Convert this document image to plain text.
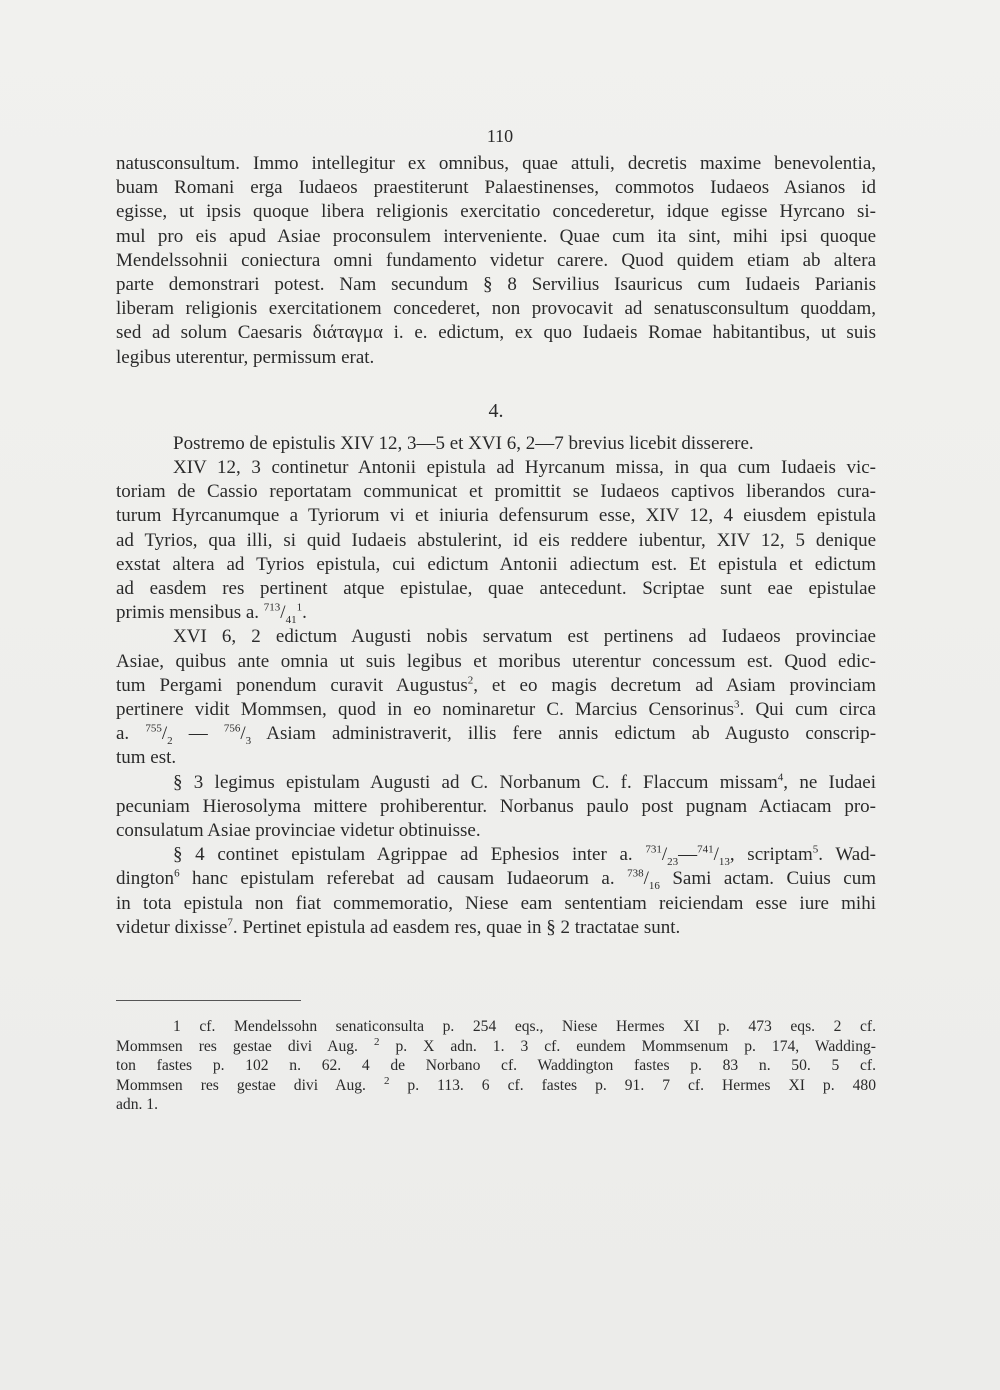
110
natusconsultum. Immo intellegitur ex omnibus, quae attuli, decretis maxime benevolentia,
buam Romani erga Iudaeos praestiterunt Palaestinenses, commotos Iudaeos Asianos id
egisse, ut ipsis quoque libera religionis exercitatio concederetur, idque egisse Hyrcano si-
mul pro eis apud Asiae proconsulem interveniente. Quae cum ita sint, mihi ipsi quoque
Mendelssohnii coniectura omni fundamento videtur carere. Quod quidem etiam ab altera
parte demonstrari potest. Nam secundum § 8 Servilius Isauricus cum Iudaeis Parianis
liberam religionis exercitationem concederet, non provocavit ad senatusconsultum quoddam,
sed ad solum Caesaris διάταγμα i. e. edictum, ex quo Iudaeis Romae habitantibus, ut suis
legibus uterentur, permissum erat.
4.
Postremo de epistulis XIV 12, 3—5 et XVI 6, 2—7 brevius licebit disserere.
XIV 12, 3 continetur Antonii epistula ad Hyrcanum missa, in qua cum Iudaeis vic-
toriam de Cassio reportatam communicat et promittit se Iudaeos captivos liberandos cura-
turum Hyrcanumque a Tyriorum vi et iniuria defensurum esse, XIV 12, 4 eiusdem epistula
ad Tyrios, qua illi, si quid Iudaeis abstulerint, id eis reddere iubentur, XIV 12, 5 denique
exstat altera ad Tyrios epistula, cui edictum Antonii adiectum est. Et epistula et edictum
ad easdem res pertinent atque epistulae, quae antecedunt. Scriptae sunt eae epistulae
primis mensibus a. $^{713}/_{41}^1$.
XVI 6, 2 edictum Augusti nobis servatum est pertinens ad Iudaeos provinciae
Asiae, quibus ante omnia ut suis legibus et moribus uterentur concessum est. Quod edic-
tum Pergami ponendum curavit Augustus$^2$, et eo magis decretum ad Asiam provinciam
pertinere vidit Mommsen, quod in eo nominaretur C. Marcius Censorinus$^3$. Qui cum circa
a. $^{755}/_2$ — $^{756}/_3$ Asiam administraverit, illis fere annis edictum ab Augusto conscrip-
tum est.
§ 3 legimus epistulam Augusti ad C. Norbanum C. f. Flaccum missam$^4$, ne Iudaei
pecuniam Hierosolyma mittere prohiberentur. Norbanus paulo post pugnam Actiacam pro-
consulatum Asiae provinciae videtur obtinuisse.
§ 4 continet epistulam Agrippae ad Ephesios inter a. $^{731}/_{23}—^{741}/_{13}$, scriptam$^5$. Wad-
dington$^6$ hanc epistulam referebat ad causam Iudaeorum a. $^{738}/_{16}$ Sami actam. Cuius cum
in tota epistula non fiat commemoratio, Niese eam sententiam reiciendam esse iure mihi
videtur dixisse$^7$. Pertinet epistula ad easdem res, quae in § 2 tractatae sunt.
1 cf. Mendelssohn senaticonsulta p. 254 eqs., Niese Hermes XI p. 473 eqs. 2 cf.
Mommsen res gestae divi Aug. $^2$ p. X adn. 1. 3 cf. eundem Mommsenum p. 174, Wadding-
ton fastes p. 102 n. 62. 4 de Norbano cf. Waddington fastes p. 83 n. 50. 5 cf.
Mommsen res gestae divi Aug. $^2$ p. 113. 6 cf. fastes p. 91. 7 cf. Hermes XI p. 480
adn. 1.
